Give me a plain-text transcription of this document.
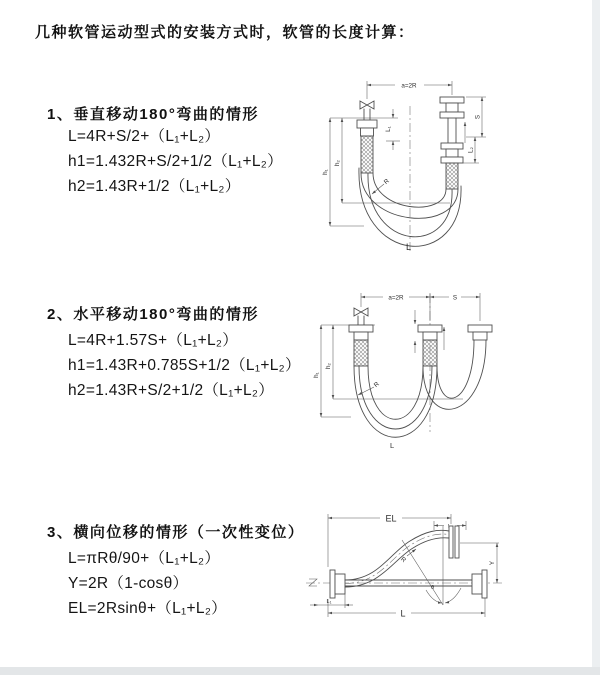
几种软管运动型式的安装方式时，软管的长度计算：
1、垂直移动180°弯曲的情形
L=4R+S/2+（L₁+L₂）
h1=1.432R+S/2+1/2（L₁+L₂）
h2=1.43R+1/2（L₁+L₂）
2、水平移动180°弯曲的情形
L=4R+1.57S+（L₁+L₂）
h1=1.43R+0.785S+1/2（L₁+L₂）
h2=1.43R+S/2+1/2（L₁+L₂）
3、横向位移的情形（一次性变位）
L=πRθ/90+（L₁+L₂）
Y=2R（1-cosθ）
EL=2Rsinθ+（L₁+L₂）
a=2R
L₁
h₁
h₂
S
L₂
R
L
a=2R	S
h₁
h₂
R
L
EL
θ
R	Y
L
L₁
